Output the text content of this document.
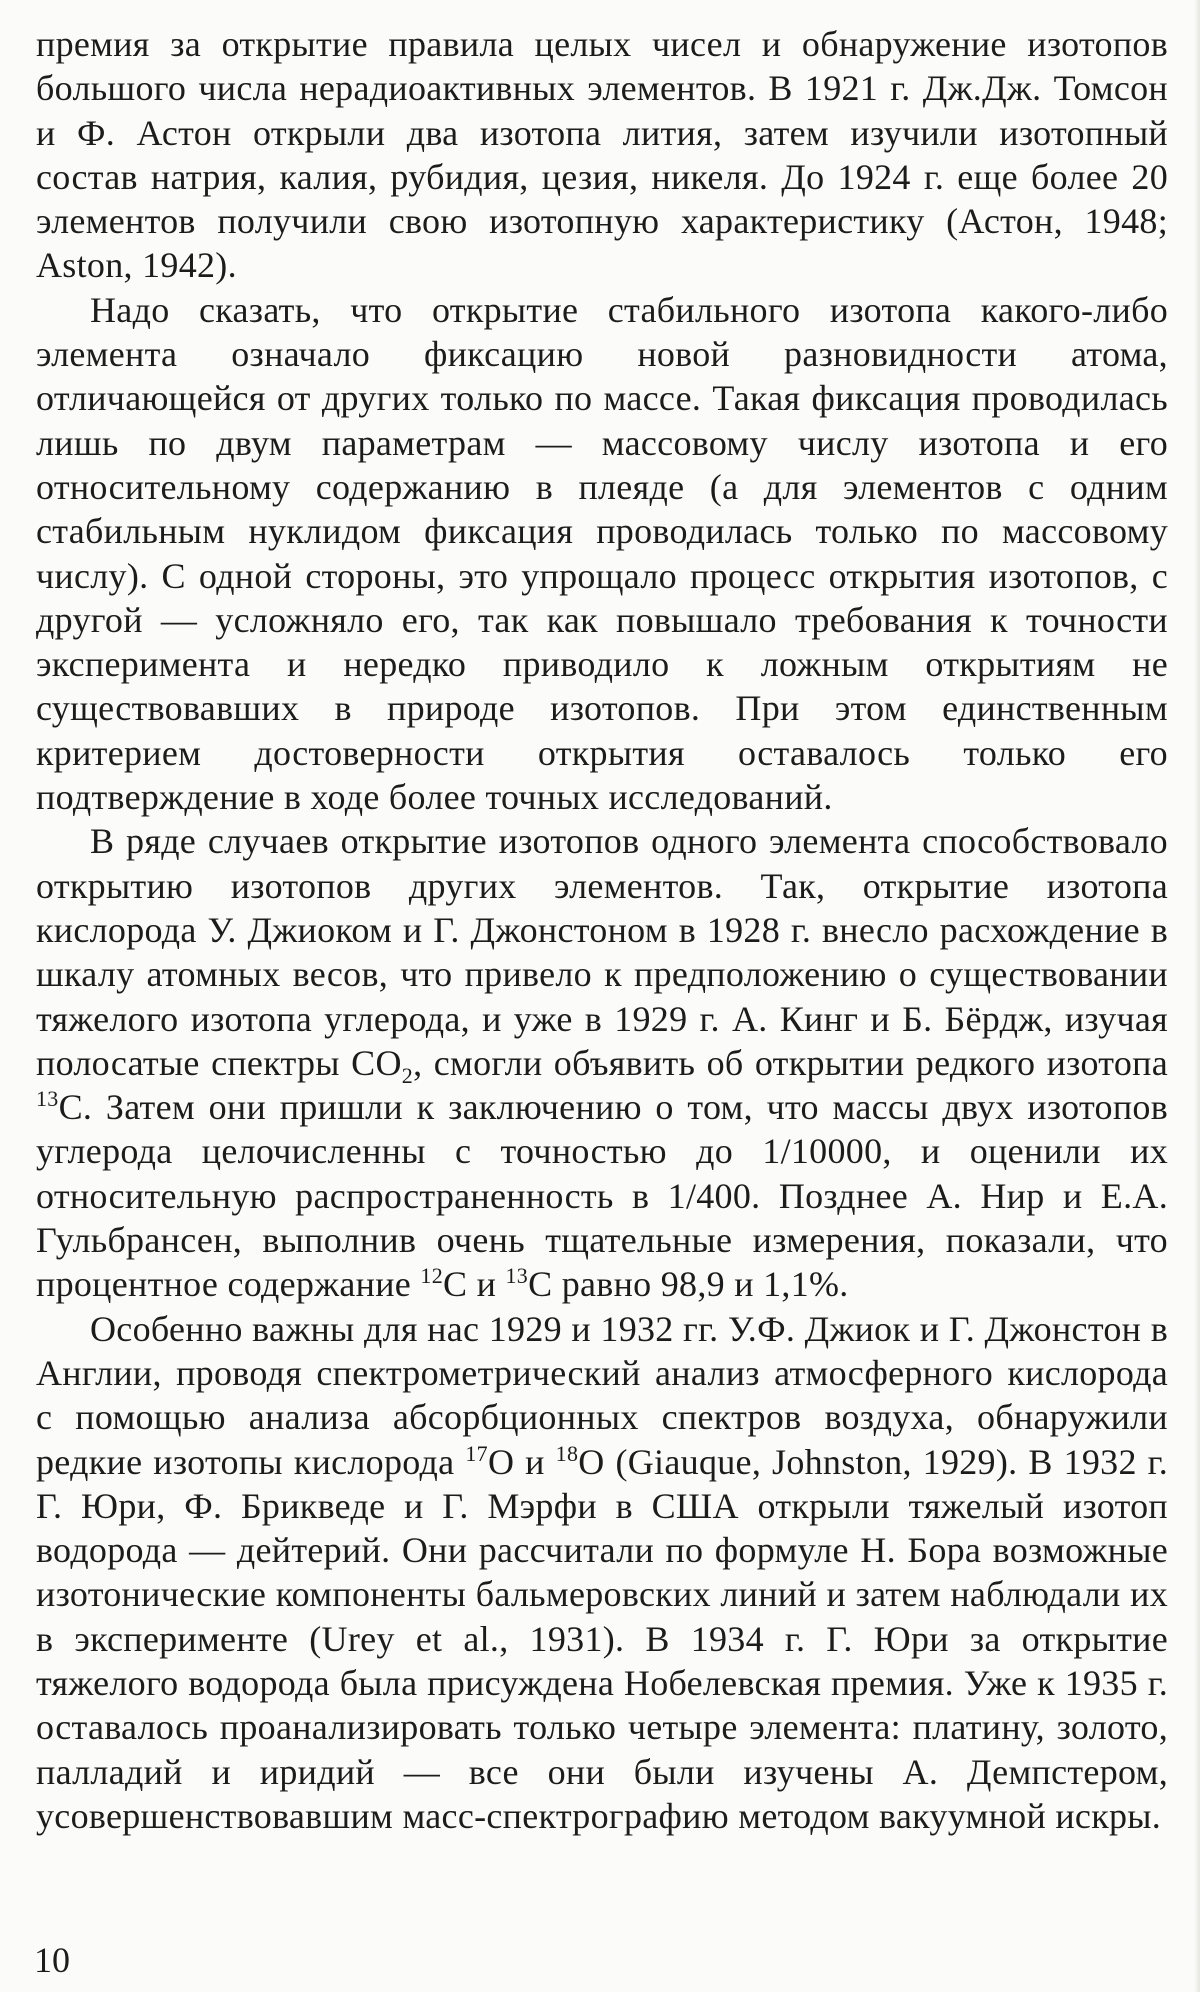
премия за открытие правила целых чисел и обнаружение изотопов большого числа нерадиоактивных элементов. В 1921 г. Дж.Дж. Томсон и Ф. Астон открыли два изотопа лития, затем изучили изотопный состав натрия, калия, рубидия, цезия, никеля. До 1924 г. еще более 20 элементов получили свою изотопную характеристику (Астон, 1948; Aston, 1942).

Надо сказать, что открытие стабильного изотопа какого-либо элемента означало фиксацию новой разновидности атома, отличающейся от других только по массе. Такая фиксация проводилась лишь по двум параметрам — массовому числу изотопа и его относительному содержанию в плеяде (а для элементов с одним стабильным нуклидом фиксация проводилась только по массовому числу). С одной стороны, это упрощало процесс открытия изотопов, с другой — усложняло его, так как повышало требования к точности эксперимента и нередко приводило к ложным открытиям не существовавших в природе изотопов. При этом единственным критерием достоверности открытия оставалось только его подтверждение в ходе более точных исследований.

В ряде случаев открытие изотопов одного элемента способствовало открытию изотопов других элементов. Так, открытие изотопа кислорода У. Джиоком и Г. Джонстоном в 1928 г. внесло расхождение в шкалу атомных весов, что привело к предположению о существовании тяжелого изотопа углерода, и уже в 1929 г. А. Кинг и Б. Бёрдж, изучая полосатые спектры $CO_2$, смогли объявить об открытии редкого изотопа $^{13}$C. Затем они пришли к заключению о том, что массы двух изотопов углерода целочисленны с точностью до 1/10000, и оценили их относительную распространенность в 1/400. Позднее А. Нир и Е.А. Гульбрансен, выполнив очень тщательные измерения, показали, что процентное содержание $^{12}$C и $^{13}$C равно 98,9 и 1,1%.

Особенно важны для нас 1929 и 1932 гг. У.Ф. Джиок и Г. Джонстон в Англии, проводя спектрометрический анализ атмосферного кислорода с помощью анализа абсорбционных спектров воздуха, обнаружили редкие изотопы кислорода $^{17}$O и $^{18}$O (Giauque, Johnston, 1929). В 1932 г. Г. Юри, Ф. Брикведе и Г. Мэрфи в США открыли тяжелый изотоп водорода — дейтерий. Они рассчитали по формуле Н. Бора возможные изотонические компоненты бальмеровских линий и затем наблюдали их в эксперименте (Urey et al., 1931). В 1934 г. Г. Юри за открытие тяжелого водорода была присуждена Нобелевская премия. Уже к 1935 г. оставалось проанализировать только четыре элемента: платину, золото, палладий и иридий — все они были изучены А. Демпстером, усовершенствовавшим масс-спектрографию методом вакуумной искры.

10
